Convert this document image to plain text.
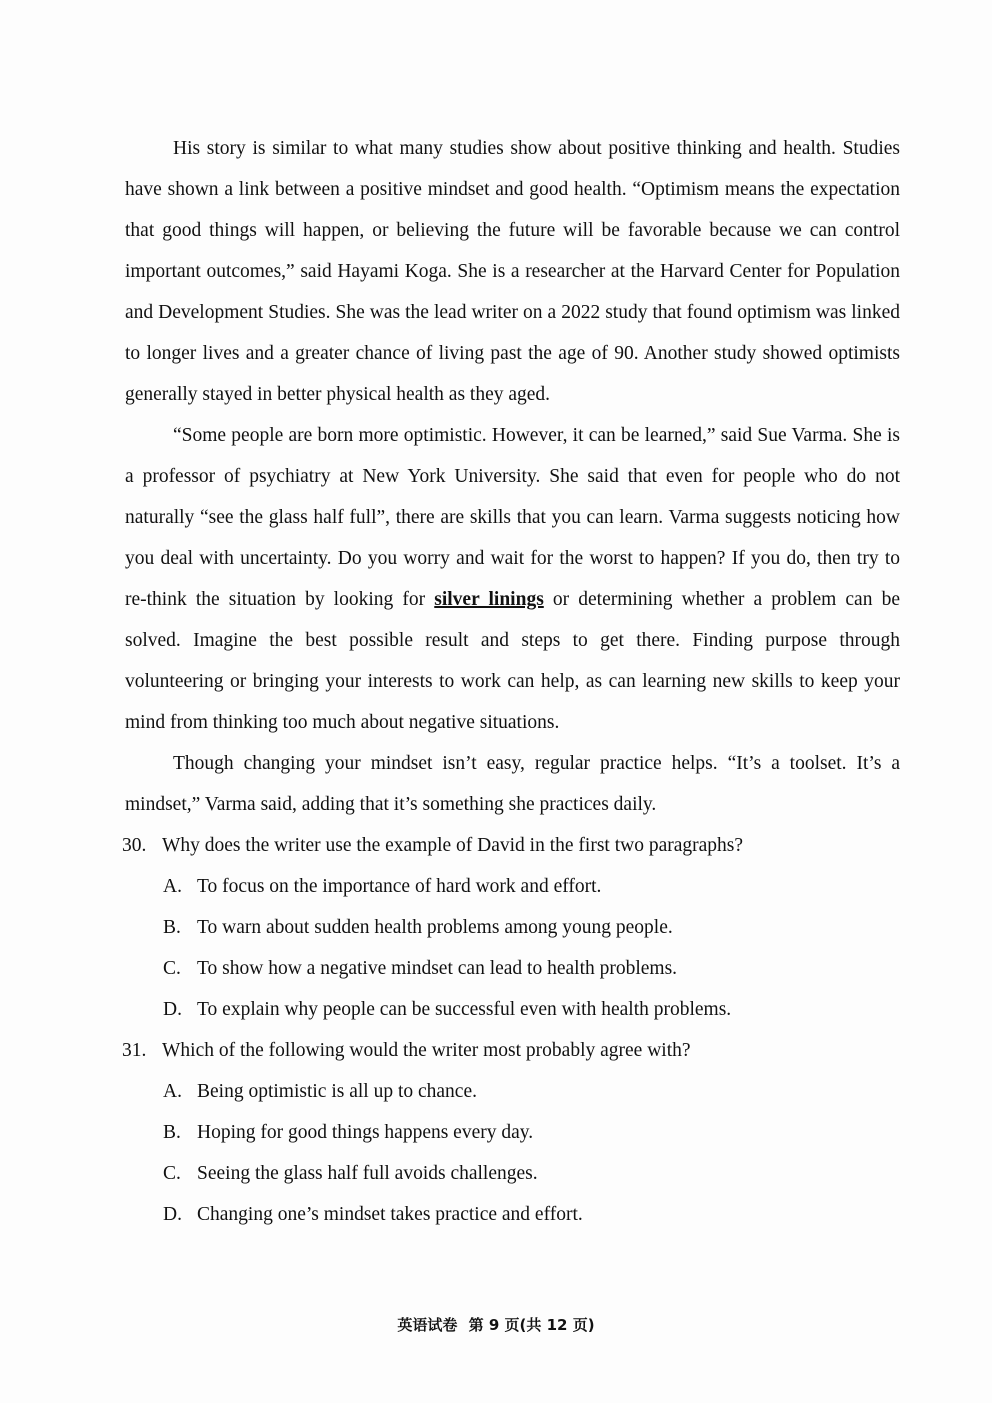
His story is similar to what many studies show about positive thinking and health. Studies have shown a link between a positive mindset and good health. “Optimism means the expectation that good things will happen, or believing the future will be favorable because we can control important outcomes,” said Hayami Koga. She is a researcher at the Harvard Center for Population and Development Studies. She was the lead writer on a 2022 study that found optimism was linked to longer lives and a greater chance of living past the age of 90. Another study showed optimists generally stayed in better physical health as they aged.

“Some people are born more optimistic. However, it can be learned,” said Sue Varma. She is a professor of psychiatry at New York University. She said that even for people who do not naturally “see the glass half full”, there are skills that you can learn. Varma suggests noticing how you deal with uncertainty. Do you worry and wait for the worst to happen? If you do, then try to re-think the situation by looking for silver linings or determining whether a problem can be solved. Imagine the best possible result and steps to get there. Finding purpose through volunteering or bringing your interests to work can help, as can learning new skills to keep your mind from thinking too much about negative situations.

Though changing your mindset isn’t easy, regular practice helps. “It’s a toolset. It’s a mindset,” Varma said, adding that it’s something she practices daily.

30. Why does the writer use the example of David in the first two paragraphs?

A. To focus on the importance of hard work and effort.

B. To warn about sudden health problems among young people.

C. To show how a negative mindset can lead to health problems.

D. To explain why people can be successful even with health problems.

31. Which of the following would the writer most probably agree with?

A. Being optimistic is all up to chance.

B. Hoping for good things happens every day.

C. Seeing the glass half full avoids challenges.

D. Changing one’s mindset takes practice and effort.

英语试卷 第 9 页(共 12 页)
